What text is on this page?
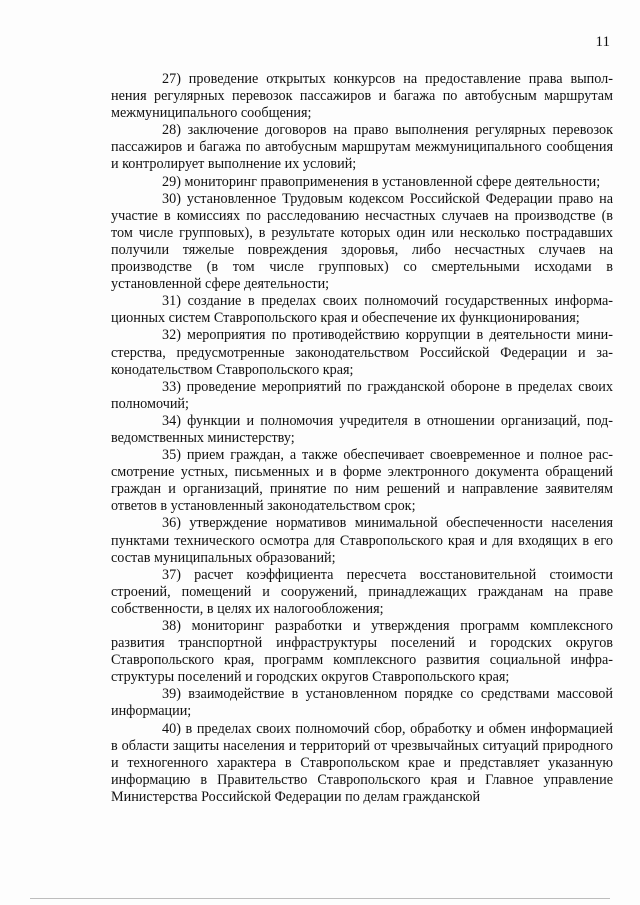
11

27) проведение открытых конкурсов на предоставление права выполнения регулярных перевозок пассажиров и багажа по автобусным маршрутам межмуниципального сообщения;

28) заключение договоров на право выполнения регулярных перевозок пассажиров и багажа по автобусным маршрутам межмуниципального сообщения и контролирует выполнение их условий;

29) мониторинг правоприменения в установленной сфере деятельности;

30) установленное Трудовым кодексом Российской Федерации право на участие в комиссиях по расследованию несчастных случаев на производстве (в том числе групповых), в результате которых один или несколько пострадавших получили тяжелые повреждения здоровья, либо несчастных случаев на производстве (в том числе групповых) со смертельными исходами в установленной сфере деятельности;

31) создание в пределах своих полномочий государственных информационных систем Ставропольского края и обеспечение их функционирования;

32) мероприятия по противодействию коррупции в деятельности министерства, предусмотренные законодательством Российской Федерации и законодательством Ставропольского края;

33) проведение мероприятий по гражданской обороне в пределах своих полномочий;

34) функции и полномочия учредителя в отношении организаций, подведомственных министерству;

35) прием граждан, а также обеспечивает своевременное и полное рассмотрение устных, письменных и в форме электронного документа обращений граждан и организаций, принятие по ним решений и направление заявителям ответов в установленный законодательством срок;

36) утверждение нормативов минимальной обеспеченности населения пунктами технического осмотра для Ставропольского края и для входящих в его состав муниципальных образований;

37) расчет коэффициента пересчета восстановительной стоимости строений, помещений и сооружений, принадлежащих гражданам на праве собственности, в целях их налогообложения;

38) мониторинг разработки и утверждения программ комплексного развития транспортной инфраструктуры поселений и городских округов Ставропольского края, программ комплексного развития социальной инфраструктуры поселений и городских округов Ставропольского края;

39) взаимодействие в установленном порядке со средствами массовой информации;

40) в пределах своих полномочий сбор, обработку и обмен информацией в области защиты населения и территорий от чрезвычайных ситуаций природного и техногенного характера в Ставропольском крае и представляет указанную информацию в Правительство Ставропольского края и Главное управление Министерства Российской Федерации по делам гражданской
